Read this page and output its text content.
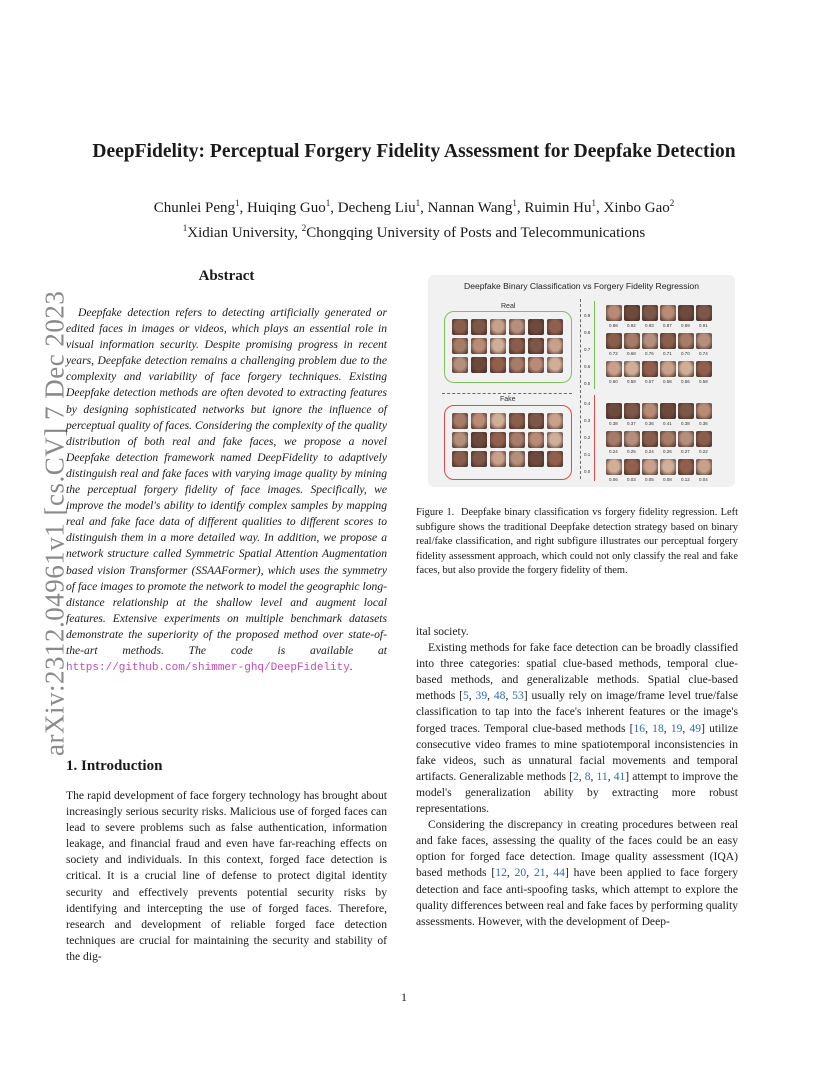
arXiv:2312.04961v1 [cs.CV] 7 Dec 2023
DeepFidelity: Perceptual Forgery Fidelity Assessment for Deepfake Detection
Chunlei Peng$^1$, Huiqing Guo$^1$, Decheng Liu$^1$, Nannan Wang$^1$, Ruimin Hu$^1$, Xinbo Gao$^2$
$^1$Xidian University, $^2$Chongqing University of Posts and Telecommunications
Abstract

Deepfake detection refers to detecting artificially generated or edited faces in images or videos, which plays an essential role in visual information security. Despite promising progress in recent years, Deepfake detection remains a challenging problem due to the complexity and variability of face forgery techniques. Existing Deepfake detection methods are often devoted to extracting features by designing sophisticated networks but ignore the influence of perceptual quality of faces. Considering the complexity of the quality distribution of both real and fake faces, we propose a novel Deepfake detection framework named DeepFidelity to adaptively distinguish real and fake faces with varying image quality by mining the perceptual forgery fidelity of face images. Specifically, we improve the model's ability to identify complex samples by mapping real and fake face data of different qualities to different scores to distinguish them in a more detailed way. In addition, we propose a network structure called Symmetric Spatial Attention Augmentation based vision Transformer (SSAAFormer), which uses the symmetry of face images to promote the network to model the geographic long-distance relationship at the shallow level and augment local features. Extensive experiments on multiple benchmark datasets demonstrate the superiority of the proposed method over state-of-the-art methods. The code is available at https://github.com/shimmer-ghq/DeepFidelity.

1. Introduction

The rapid development of face forgery technology has brought about increasingly serious security risks. Malicious use of forged faces can lead to severe problems such as false authentication, information leakage, and financial fraud and even have far-reaching effects on society and individuals. In this context, forged face detection is critical. It is a crucial line of defense to protect digital identity security and effectively prevents potential security risks by identifying and intercepting the use of forged faces. Therefore, research and development of reliable forged face detection techniques are crucial for maintaining the security and stability of the dig-

Deepfake Binary Classification vs Forgery Fidelity Regression
Real
Fake
0.88 0.92 0.93 0.87 0.89 0.91
0.72 0.68 0.76 0.71 0.70 0.74
0.60 0.58 0.57 0.58 0.56 0.58
0.38 0.37 0.36 0.41 0.38 0.36
0.24 0.25 0.24 0.26 0.27 0.22
0.06 0.03 0.05 0.08 0.12 0.04
0.9
0.8
0.7
0.6
0.5
0.4
0.3
0.2
0.1
0.0

Figure 1. Deepfake binary classification vs forgery fidelity regression. Left subfigure shows the traditional Deepfake detection strategy based on binary real/fake classification, and right subfigure illustrates our perceptual forgery fidelity assessment approach, which could not only classify the real and fake faces, but also provide the forgery fidelity of them.

ital society.

Existing methods for fake face detection can be broadly classified into three categories: spatial clue-based methods, temporal clue-based methods, and generalizable methods. Spatial clue-based methods [5, 39, 48, 53] usually rely on image/frame level true/false classification to tap into the face's inherent features or the image's forged traces. Temporal clue-based methods [16, 18, 19, 49] utilize consecutive video frames to mine spatiotemporal inconsistencies in fake videos, such as unnatural facial movements and temporal artifacts. Generalizable methods [2, 8, 11, 41] attempt to improve the model's generalization ability by extracting more robust representations.

Considering the discrepancy in creating procedures between real and fake faces, assessing the quality of the faces could be an easy option for forged face detection. Image quality assessment (IQA) based methods [12, 20, 21, 44] have been applied to face forgery detection and face anti-spoofing tasks, which attempt to explore the quality differences between real and fake faces by performing quality assessments. However, with the development of Deep-

1
